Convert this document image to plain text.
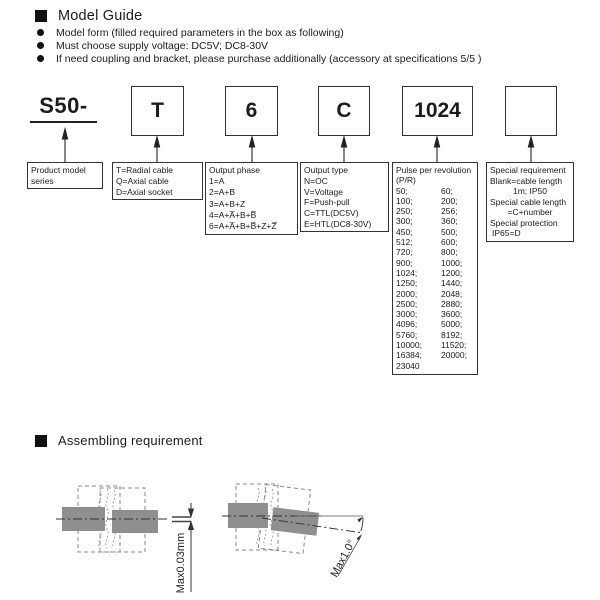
Model Guide
Model form (filled required parameters in the box as following)
Must choose supply voltage: DC5V; DC8-30V
If need coupling and bracket, please purchase additionally (accessory at specifications 5/5 )
S50-	T	6	C	1024
Product model
series
T=Radial cable
Q=Axial cable
D=Axial socket
Output phase
1=A
2=A+B
3=A+B+Z
4=A+A̅+B+B̅
6=A+A̅+B+B̅+Z+Z̅
Output type
N=OC
V=Voltage
F=Push-pull
C=TTL(DC5V)
E=HTL(DC8-30V)
Pulse per revolution
(P/R)
50;	60;
100;	200;
250;	256;
300;	360;
450;	500;
512;	600;
720;	800;
900;	1000;
1024;	1200;
1250;	1440;
2000;	2048;
2500;	2880;
3000;	3600;
4096;	5000;
5760;	8192;
10000;	11520;
16384;	20000;
23040
Special requirement
Blank=cable length
1m; IP50
Special cable length
=C+number
Special protection
IP65=D
Assembling requirement
Max0.03mm	Max1.0°
